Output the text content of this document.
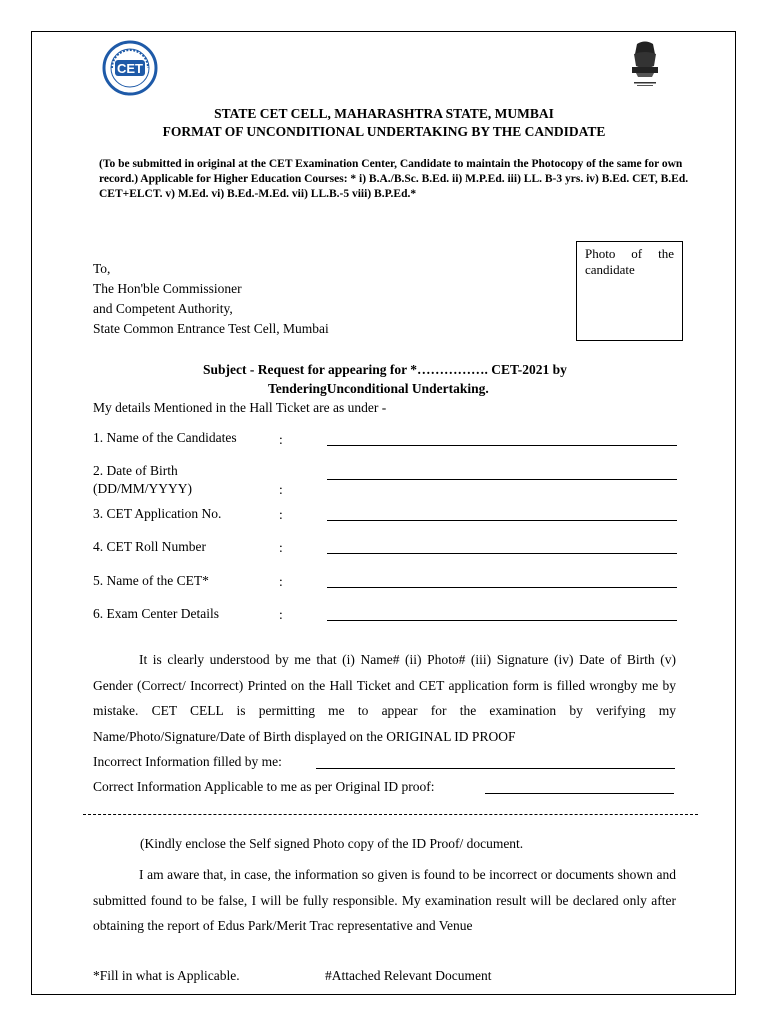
CET
STATE CET CELL, MAHARASHTRA STATE, MUMBAI
FORMAT OF UNCONDITIONAL UNDERTAKING BY THE CANDIDATE
(To be submitted in original at the CET Examination Center, Candidate to maintain the Photocopy of the same for own record.) Applicable for Higher Education Courses: * i) B.A./B.Sc. B.Ed. ii) M.P.Ed. iii) LL. B-3 yrs. iv) B.Ed. CET, B.Ed. CET+ELCT. v) M.Ed. vi) B.Ed.-M.Ed. vii) LL.B.-5 viii) B.P.Ed.*
Photo of the candidate
To,
The Hon'ble Commissioner
and Competent Authority,
State Common Entrance Test Cell, Mumbai
Subject - Request for appearing for *……………. CET-2021 by
TenderingUnconditional Undertaking.
My details Mentioned in the Hall Ticket are as under -
1. Name of the Candidates	:
2. Date of Birth
(DD/MM/YYYY)	:
3. CET Application No.	:
4. CET Roll Number	:
5. Name of the CET*	:
6. Exam Center Details	:
It is clearly understood by me that (i) Name# (ii) Photo# (iii) Signature (iv) Date of Birth (v) Gender (Correct/ Incorrect) Printed on the Hall Ticket and CET application form is filled wrongby me by mistake. CET CELL is permitting me to appear for the examination by verifying my Name/Photo/Signature/Date of Birth displayed on the ORIGINAL ID PROOF
Incorrect Information filled by me:
Correct Information Applicable to me as per Original ID proof:
(Kindly enclose the Self signed Photo copy of the ID Proof/ document.
I am aware that, in case, the information so given is found to be incorrect or documents shown and submitted found to be false, I will be fully responsible. My examination result will be declared only after obtaining the report of Edus Park/Merit Trac representative and Venue
*Fill in what is Applicable.	#Attached Relevant Document
